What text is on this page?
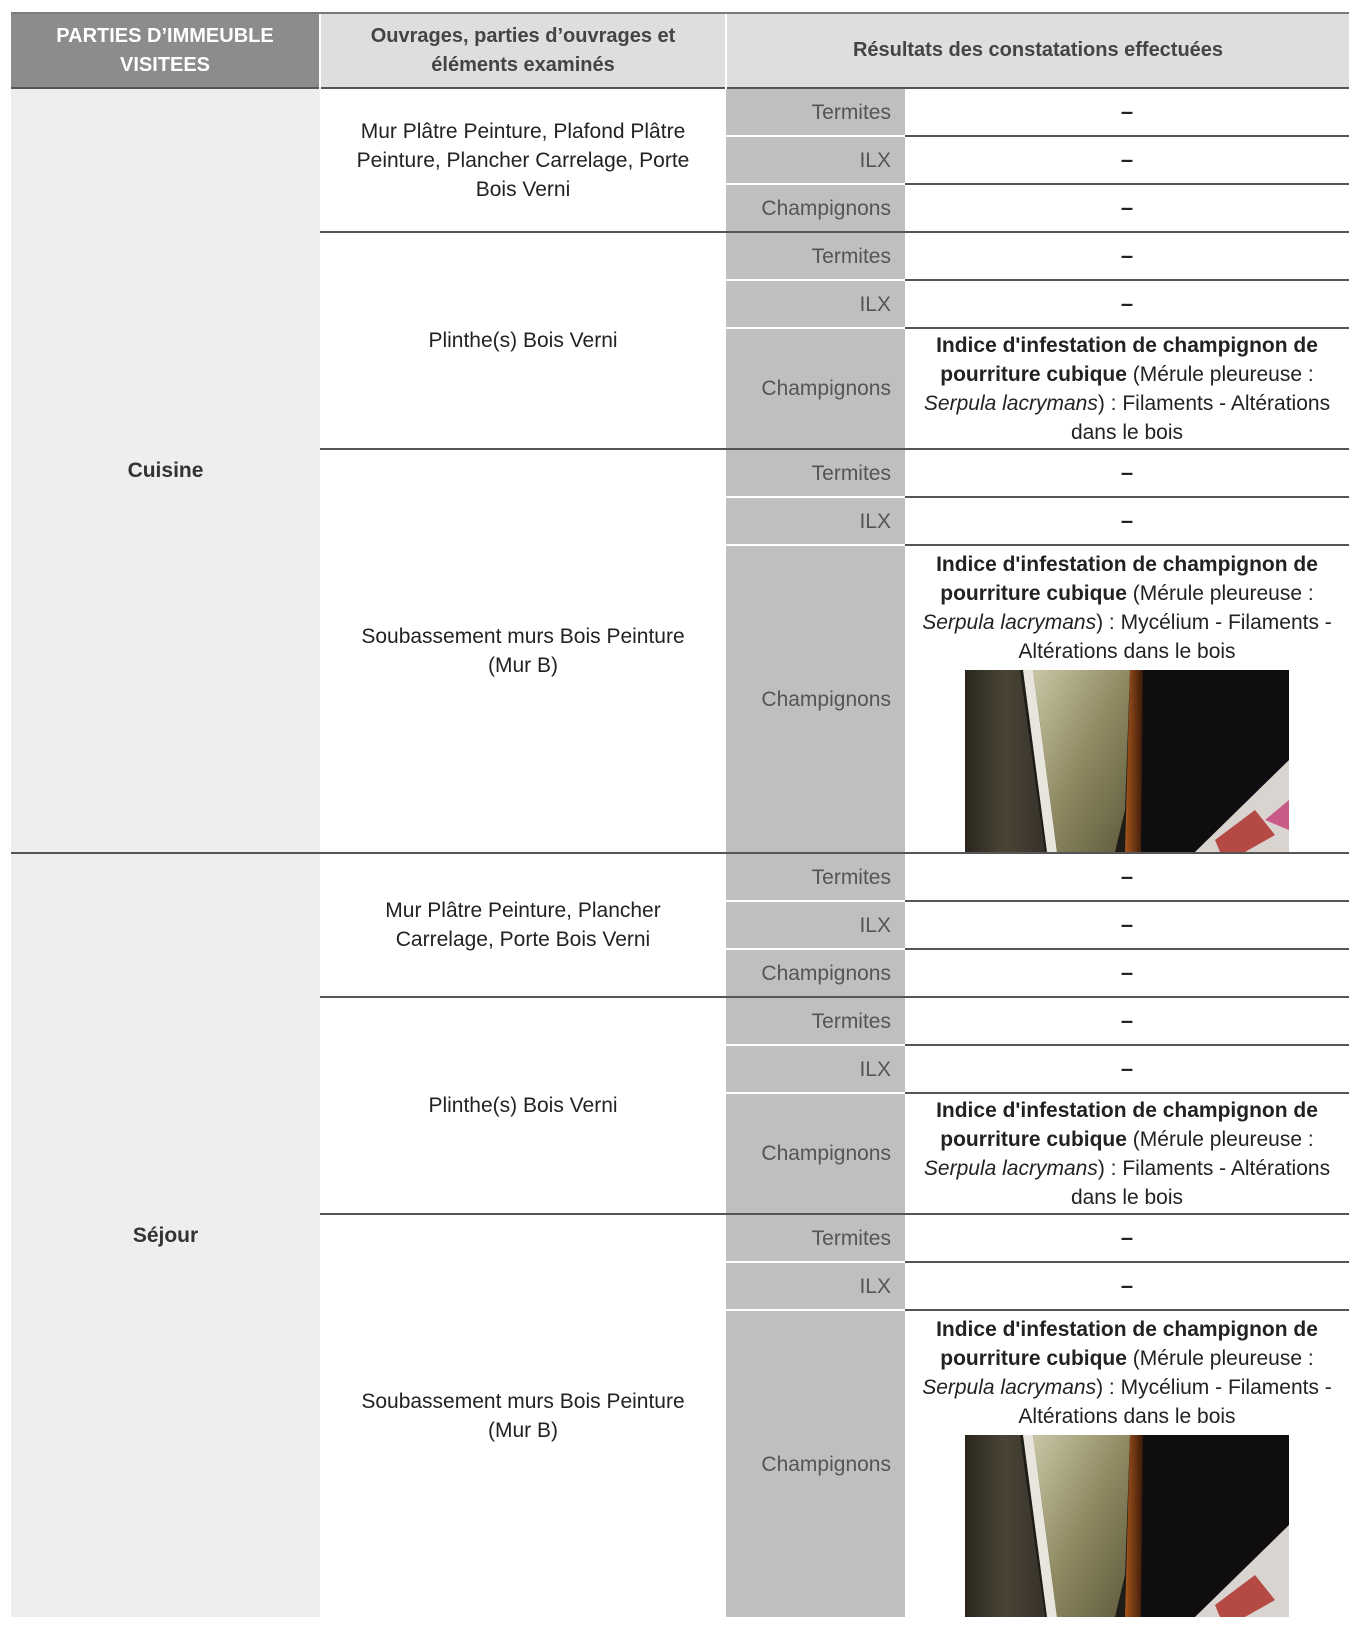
PARTIES D’IMMEUBLE VISITEES	Ouvrages, parties d’ouvrages et éléments examinés	Résultats des constatations effectuées	
Cuisine	Mur Plâtre Peinture, Plafond Plâtre Peinture, Plancher Carrelage, Porte Bois Verni	Termites	–
		ILX	–
		Champignons	–
	Plinthe(s) Bois Verni	Termites	–
		ILX	–
		Champignons	Indice d'infestation de champignon de pourriture cubique (Mérule pleureuse : Serpula lacrymans) : Filaments - Altérations dans le bois
	Soubassement murs Bois Peinture (Mur B)	Termites	–
		ILX	–
		Champignons	Indice d'infestation de champignon de pourriture cubique (Mérule pleureuse : Serpula lacrymans) : Mycélium - Filaments - Altérations dans le bois

Séjour	Mur Plâtre Peinture, Plancher Carrelage, Porte Bois Verni	Termites	–
		ILX	–
		Champignons	–
	Plinthe(s) Bois Verni	Termites	–
		ILX	–
		Champignons	Indice d'infestation de champignon de pourriture cubique (Mérule pleureuse : Serpula lacrymans) : Filaments - Altérations dans le bois
	Soubassement murs Bois Peinture (Mur B)	Termites	–
		ILX	–
		Champignons	Indice d'infestation de champignon de pourriture cubique (Mérule pleureuse : Serpula lacrymans) : Mycélium - Filaments - Altérations dans le bois
